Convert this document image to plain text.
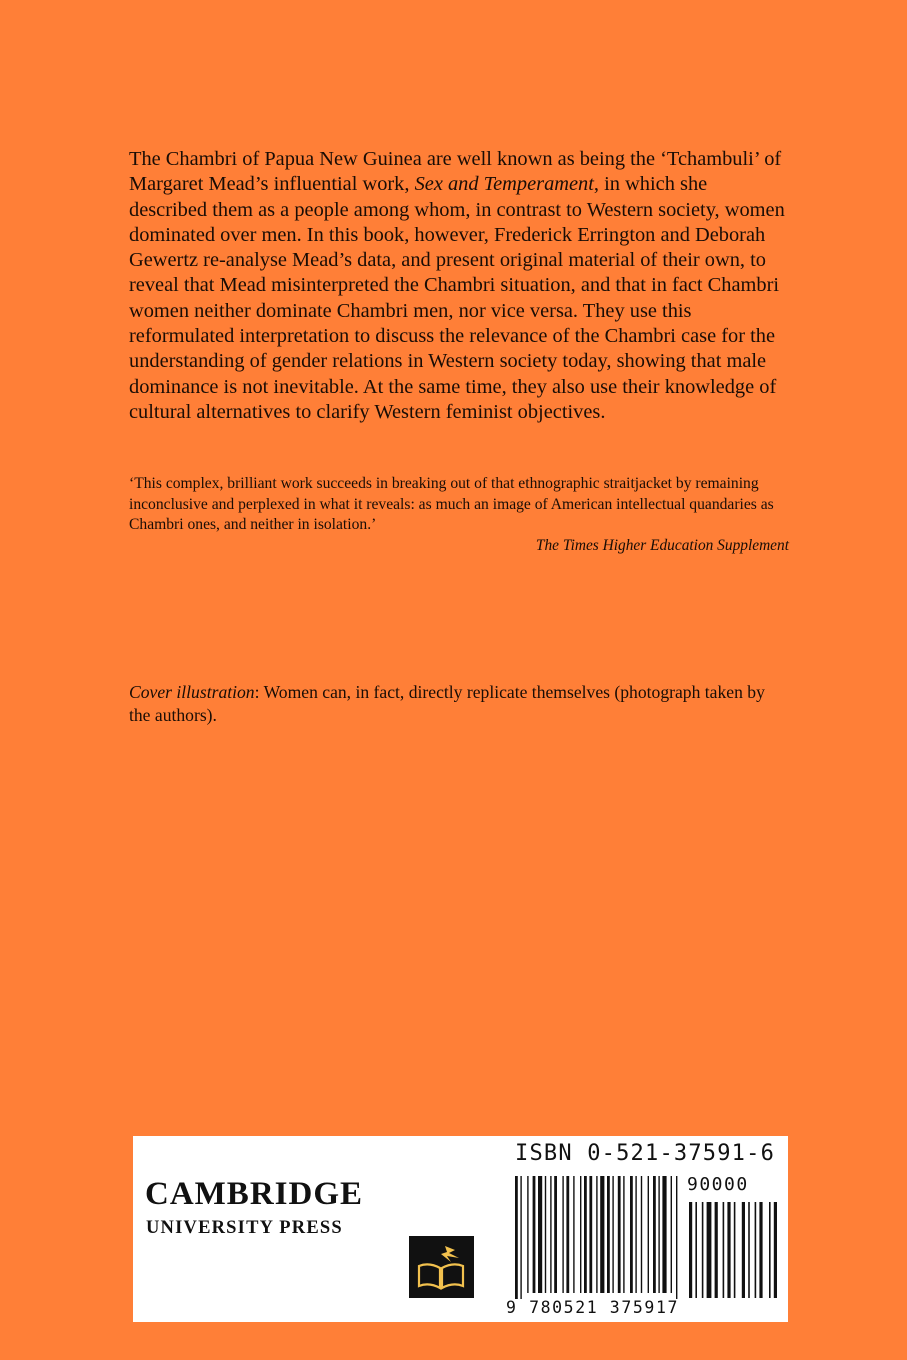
The Chambri of Papua New Guinea are well known as being the ‘Tchambuli’ of Margaret Mead’s influential work, Sex and Temperament, in which she described them as a people among whom, in contrast to Western society, women dominated over men. In this book, however, Frederick Errington and Deborah Gewertz re-analyse Mead’s data, and present original material of their own, to reveal that Mead misinterpreted the Chambri situation, and that in fact Chambri women neither dominate Chambri men, nor vice versa. They use this reformulated interpretation to discuss the relevance of the Chambri case for the understanding of gender relations in Western society today, showing that male dominance is not inevitable. At the same time, they also use their knowledge of cultural alternatives to clarify Western feminist objectives.

‘This complex, brilliant work succeeds in breaking out of that ethnographic straitjacket by remaining inconclusive and perplexed in what it reveals: as much an image of American intellectual quandaries as Chambri ones, and neither in isolation.’
The Times Higher Education Supplement

Cover illustration: Women can, in fact, directly replicate themselves (photograph taken by the authors).

CAMBRIDGE
UNIVERSITY PRESS
ISBN 0-521-37591-6
90000
9 780521 375917
